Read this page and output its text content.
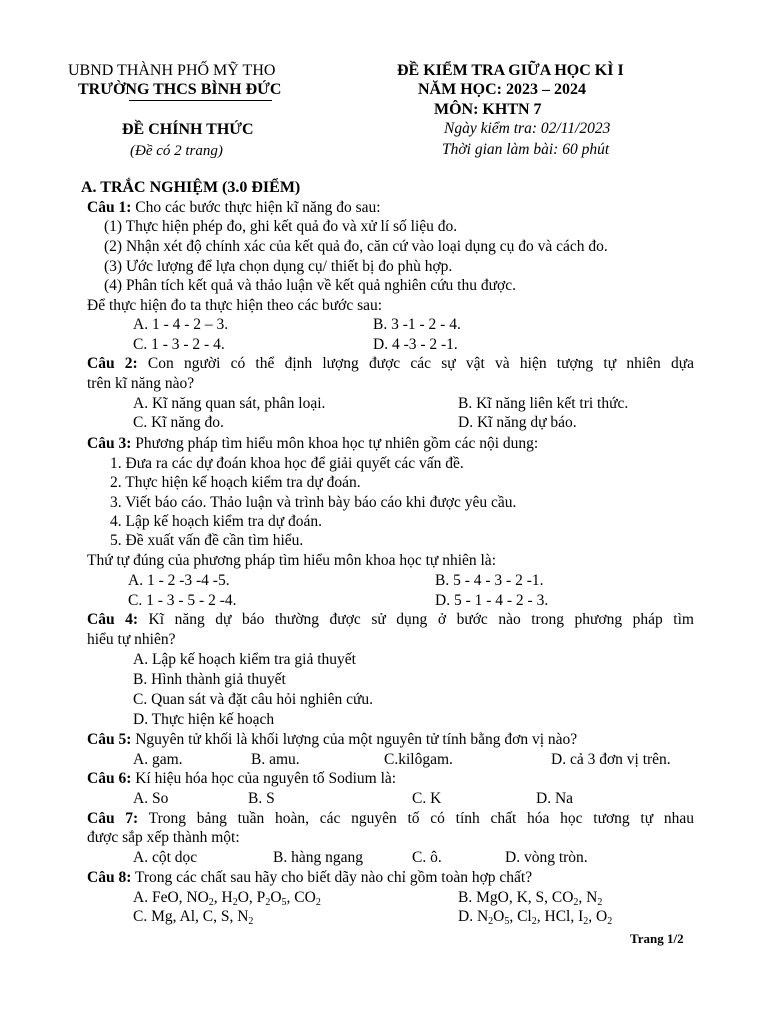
UBND THÀNH PHỐ MỸ THO
TRƯỜNG THCS BÌNH ĐỨC
ĐỀ CHÍNH THỨC
(Đề có 2 trang)
ĐỀ KIỂM TRA GIỮA HỌC KÌ I
NĂM HỌC: 2023 – 2024
MÔN: KHTN 7
Ngày kiểm tra: 02/11/2023
Thời gian làm bài: 60 phút
A. TRẮC NGHIỆM (3.0 ĐIỂM)
Câu 1: Cho các bước thực hiện kĩ năng đo sau:
(1) Thực hiện phép đo, ghi kết quả đo và xử lí số liệu đo.
(2) Nhận xét độ chính xác của kết quả đo, căn cứ vào loại dụng cụ đo và cách đo.
(3) Ước lượng để lựa chọn dụng cụ/ thiết bị đo phù hợp.
(4) Phân tích kết quả và thảo luận về kết quả nghiên cứu thu được.
Để thực hiện đo ta thực hiện theo các bước sau:
A. 1 - 4 - 2 – 3.	B. 3 -1 - 2 - 4.
C. 1 - 3 - 2 - 4.	D. 4 -3 - 2 -1.
Câu 2: Con người có thể định lượng được các sự vật và hiện tượng tự nhiên dựa
trên kĩ năng nào?
A. Kĩ năng quan sát, phân loại.	B. Kĩ năng liên kết tri thức.
C. Kĩ năng đo.	D. Kĩ năng dự báo.
Câu 3: Phương pháp tìm hiểu môn khoa học tự nhiên gồm các nội dung:
1. Đưa ra các dự đoán khoa học để giải quyết các vấn đề.
2. Thực hiện kế hoạch kiểm tra dự đoán.
3. Viết báo cáo. Thảo luận và trình bày báo cáo khi được yêu cầu.
4. Lập kế hoạch kiểm tra dự đoán.
5. Đề xuất vấn đề cần tìm hiểu.
Thứ tự đúng của phương pháp tìm hiểu môn khoa học tự nhiên là:
A. 1 - 2 -3 -4 -5.	B. 5 - 4 - 3 - 2 -1.
C. 1 - 3 - 5 - 2 -4.	D. 5 - 1 - 4 - 2 - 3.
Câu 4: Kĩ năng dự báo thường được sử dụng ở bước nào trong phương pháp tìm
hiểu tự nhiên?
A. Lập kế hoạch kiểm tra giả thuyết
B. Hình thành giả thuyết
C. Quan sát và đặt câu hỏi nghiên cứu.
D. Thực hiện kế hoạch
Câu 5: Nguyên tử khối là khối lượng của một nguyên tử tính bằng đơn vị nào?
A. gam.	B. amu.	C.kilôgam.	D. cả 3 đơn vị trên.
Câu 6: Kí hiệu hóa học của nguyên tố Sodium là:
A. So	B. S	C. K	D. Na
Câu 7: Trong bảng tuần hoàn, các nguyên tố có tính chất hóa học tương tự nhau
được sắp xếp thành một:
A. cột dọc	B. hàng ngang	C. ô.	D. vòng tròn.
Câu 8: Trong các chất sau hãy cho biết dãy nào chỉ gồm toàn hợp chất?
A. FeO, $NO_2$, $H_2O$, $P_2O_5$, $CO_2$	B. MgO, K, S, $CO_2$, $N_2$
C. Mg, Al, C, S, $N_2$	D. $N_2O_5$, $Cl_2$, HCl, $I_2$, $O_2$
Trang 1/2
